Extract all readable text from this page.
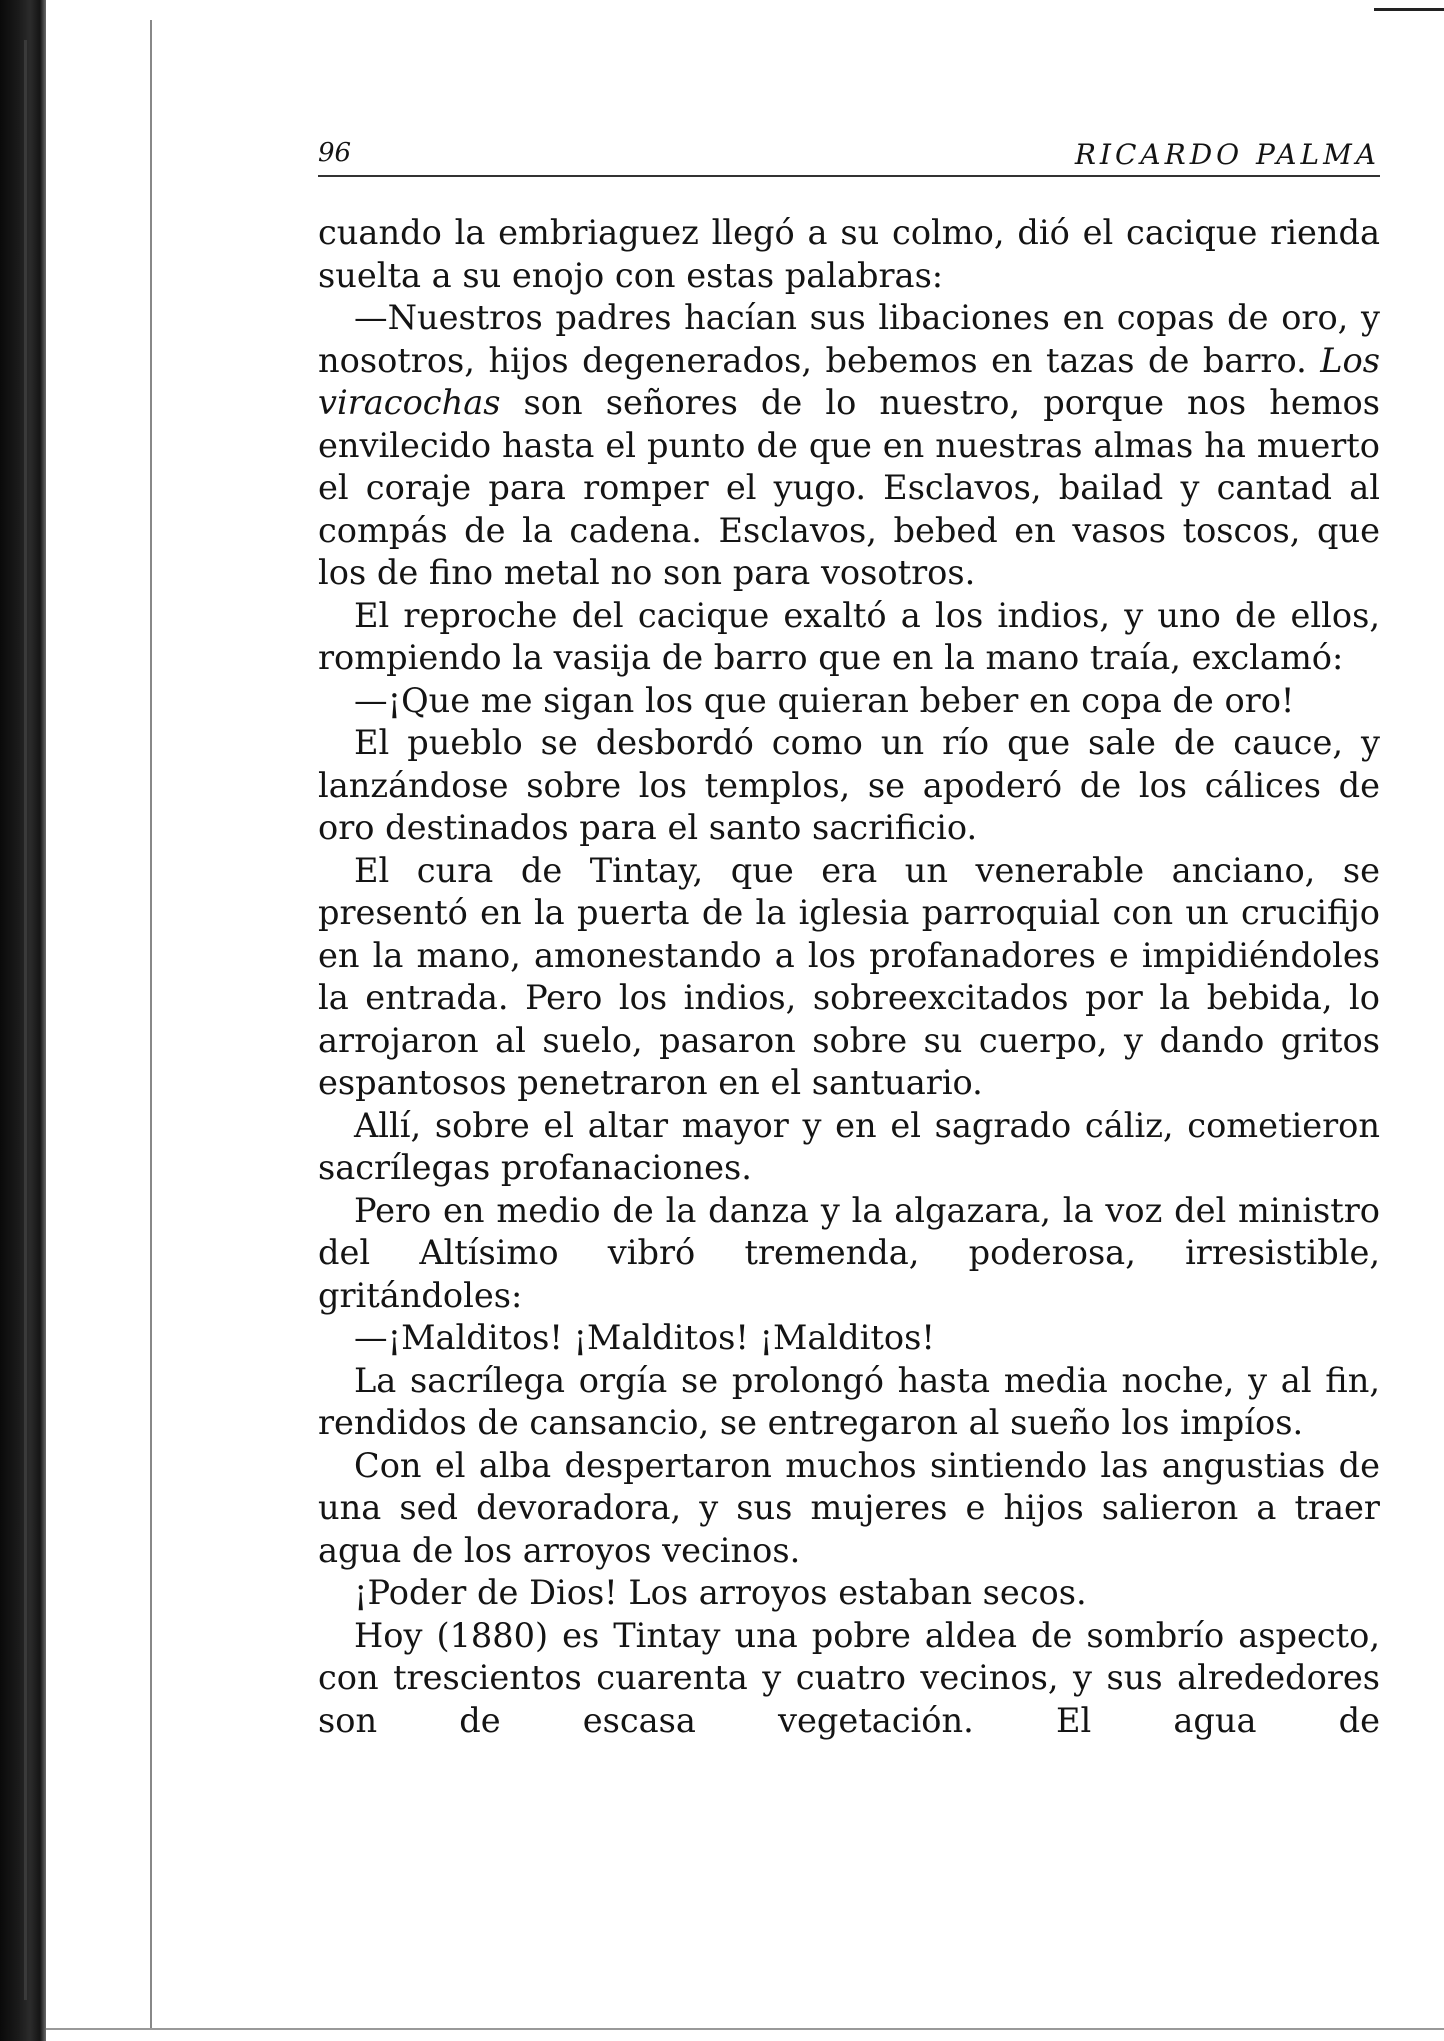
96	RICARDO PALMA

cuando la embriaguez llegó a su colmo, dió el cacique rienda suelta a su enojo con estas palabras:

—Nuestros padres hacían sus libaciones en copas de oro, y nosotros, hijos degenerados, bebemos en tazas de barro. Los viracochas son señores de lo nuestro, porque nos hemos envilecido hasta el punto de que en nuestras almas ha muerto el coraje para romper el yugo. Esclavos, bailad y cantad al compás de la cadena. Esclavos, bebed en vasos toscos, que los de fino metal no son para vosotros.

El reproche del cacique exaltó a los indios, y uno de ellos, rompiendo la vasija de barro que en la mano traía, exclamó:

—¡Que me sigan los que quieran beber en copa de oro!

El pueblo se desbordó como un río que sale de cauce, y lanzándose sobre los templos, se apoderó de los cálices de oro destinados para el santo sacrificio.

El cura de Tintay, que era un venerable anciano, se presentó en la puerta de la iglesia parroquial con un crucifijo en la mano, amonestando a los profanadores e impidiéndoles la entrada. Pero los indios, sobreexcitados por la bebida, lo arrojaron al suelo, pasaron sobre su cuerpo, y dando gritos espantosos penetraron en el santuario.

Allí, sobre el altar mayor y en el sagrado cáliz, cometieron sacrílegas profanaciones.

Pero en medio de la danza y la algazara, la voz del ministro del Altísimo vibró tremenda, poderosa, irresistible, gritándoles:

—¡Malditos! ¡Malditos! ¡Malditos!

La sacrílega orgía se prolongó hasta media noche, y al fin, rendidos de cansancio, se entregaron al sueño los impíos.

Con el alba despertaron muchos sintiendo las angustias de una sed devoradora, y sus mujeres e hijos salieron a traer agua de los arroyos vecinos.

¡Poder de Dios! Los arroyos estaban secos.

Hoy (1880) es Tintay una pobre aldea de sombrío aspecto, con trescientos cuarenta y cuatro vecinos, y sus alrededores son de escasa vegetación. El agua de
